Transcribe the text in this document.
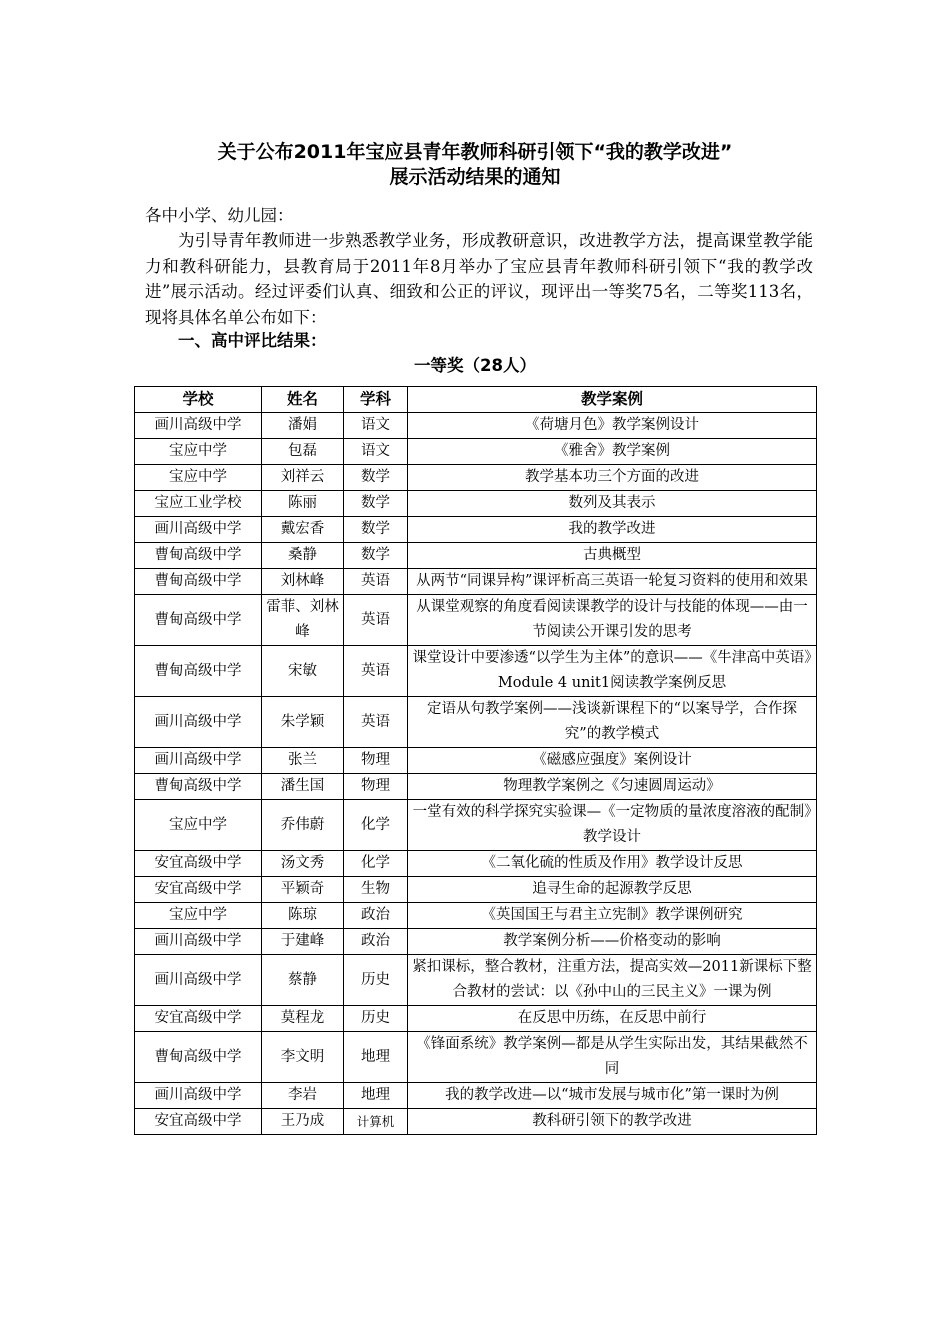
关于公布2011年宝应县青年教师科研引领下“我的教学改进”
展示活动结果的通知
各中小学、幼儿园：
为引导青年教师进一步熟悉教学业务，形成教研意识，改进教学方法，提高课堂教学能力和教科研能力，县教育局于2011年8月举办了宝应县青年教师科研引领下“我的教学改进”展示活动。经过评委们认真、细致和公正的评议，现评出一等奖75名，二等奖113名，现将具体名单公布如下：
一、高中评比结果：
一等奖（28人）
学校	姓名	学科	教学案例
画川高级中学	潘娟	语文	《荷塘月色》教学案例设计
宝应中学	包磊	语文	《雅舍》教学案例
宝应中学	刘祥云	数学	教学基本功三个方面的改进
宝应工业学校	陈丽	数学	数列及其表示
画川高级中学	戴宏香	数学	我的教学改进
曹甸高级中学	桑静	数学	古典概型
曹甸高级中学	刘林峰	英语	从两节“同课异构”课评析高三英语一轮复习资料的使用和效果
曹甸高级中学	雷菲、刘林峰	英语	从课堂观察的角度看阅读课教学的设计与技能的体现——由一节阅读公开课引发的思考
曹甸高级中学	宋敏	英语	课堂设计中要渗透“以学生为主体”的意识——《牛津高中英语》Module 4 unit1阅读教学案例反思
画川高级中学	朱学颖	英语	定语从句教学案例——浅谈新课程下的“以案导学，合作探究”的教学模式
画川高级中学	张兰	物理	《磁感应强度》案例设计
曹甸高级中学	潘生国	物理	物理教学案例之《匀速圆周运动》
宝应中学	乔伟蔚	化学	一堂有效的科学探究实验课—《一定物质的量浓度溶液的配制》教学设计
安宜高级中学	汤文秀	化学	《二氧化硫的性质及作用》教学设计反思
安宜高级中学	平颖奇	生物	追寻生命的起源教学反思
宝应中学	陈琼	政治	《英国国王与君主立宪制》教学课例研究
画川高级中学	于建峰	政治	教学案例分析——价格变动的影响
画川高级中学	蔡静	历史	紧扣课标，整合教材，注重方法，提高实效—2011新课标下整合教材的尝试：以《孙中山的三民主义》一课为例
安宜高级中学	莫程龙	历史	在反思中历练，在反思中前行
曹甸高级中学	李文明	地理	《锋面系统》教学案例—都是从学生实际出发，其结果截然不同
画川高级中学	李岩	地理	我的教学改进—以“城市发展与城市化”第一课时为例
安宜高级中学	王乃成	计算机	教科研引领下的教学改进
